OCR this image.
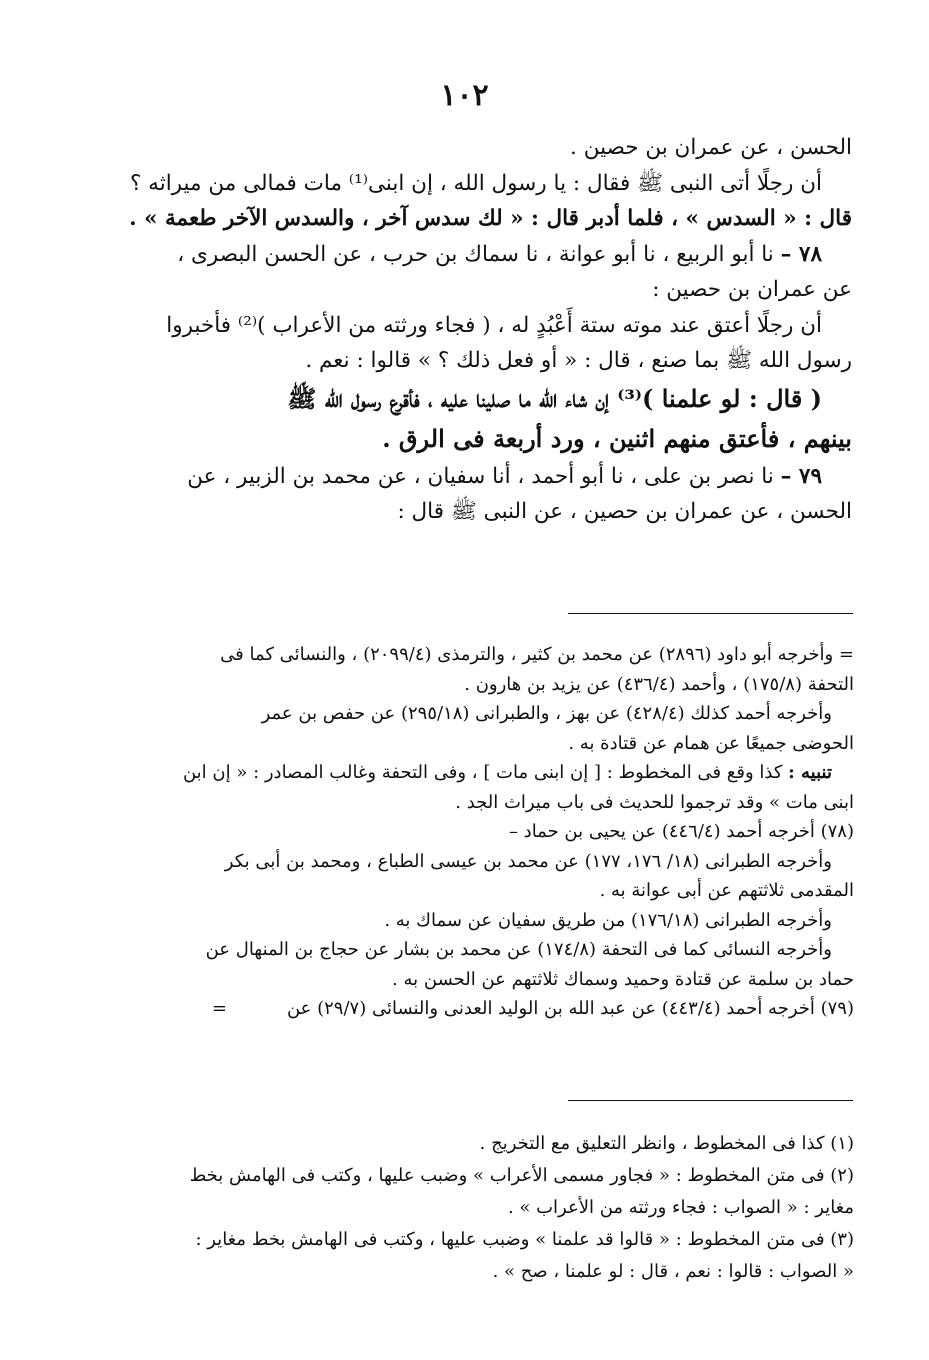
١٠٢

الحسن ، عن عمران بن حصين .

أن رجلًا أتى النبى ﷺ فقال : يا رسول الله ، إن ابنى⁽¹⁾ مات فمالى من ميراثه ؟

قال : « السدس » ، فلما أدبر قال : « لك سدس آخر ، والسدس الآخر طعمة » .

٧٨ – نا أبو الربيع ، نا أبو عوانة ، نا سماك بن حرب ، عن الحسن البصرى ،

عن عمران بن حصين :

أن رجلًا أعتق عند موته ستة أَعْبُدٍ له ، ( فجاء ورثته من الأعراب )⁽²⁾ فأخبروا

رسول الله ﷺ بما صنع ، قال : « أو فعل ذلك ؟ » قالوا : نعم .

( قال : لو علمنا )⁽³⁾ إن شاء الله ما صلينا عليه ، فأقرع رسول الله ﷺ

بينهم ، فأعتق منهم اثنين ، ورد أربعة فى الرق .

٧٩ – نا نصر بن على ، نا أبو أحمد ، أنا سفيان ، عن محمد بن الزبير ، عن

الحسن ، عن عمران بن حصين ، عن النبى ﷺ قال :

= وأخرجه أبو داود (٢٨٩٦) عن محمد بن كثير ، والترمذى (٢٠٩٩/٤) ، والنسائى كما فى

التحفة (١٧٥/٨) ، وأحمد (٤٣٦/٤) عن يزيد بن هارون .

وأخرجه أحمد كذلك (٤٢٨/٤) عن بهز ، والطبرانى (٢٩٥/١٨) عن حفص بن عمر

الحوضى جميعًا عن همام عن قتادة به .

تنبيه : كذا وقع فى المخطوط : [ إن ابنى مات ] ، وفى التحفة وغالب المصادر : « إن ابن

ابنى مات » وقد ترجموا للحديث فى باب ميراث الجد .

(٧٨) أخرجه أحمد (٤٤٦/٤) عن يحيى بن حماد –

وأخرجه الطبرانى (١٨/ ١٧٦، ١٧٧) عن محمد بن عيسى الطباع ، ومحمد بن أبى بكر

المقدمى ثلاثتهم عن أبى عوانة به .

وأخرجه الطبرانى (١٧٦/١٨) من طريق سفيان عن سماك به .

وأخرجه النسائى كما فى التحفة (١٧٤/٨) عن محمد بن بشار عن حجاج بن المنهال عن

حماد بن سلمة عن قتادة وحميد وسماك ثلاثتهم عن الحسن به .

(٧٩) أخرجه أحمد (٤٤٣/٤) عن عبد الله بن الوليد العدنى والنسائى (٢٩/٧) عن=

(١) كذا فى المخطوط ، وانظر التعليق مع التخريج .

(٢) فى متن المخطوط : « فجاور مسمى الأعراب » وضبب عليها ، وكتب فى الهامش بخط

مغاير : « الصواب : فجاء ورثته من الأعراب » .

(٣) فى متن المخطوط : « قالوا قد علمنا » وضبب عليها ، وكتب فى الهامش بخط مغاير :

« الصواب : قالوا : نعم ، قال : لو علمنا ، صح » .
